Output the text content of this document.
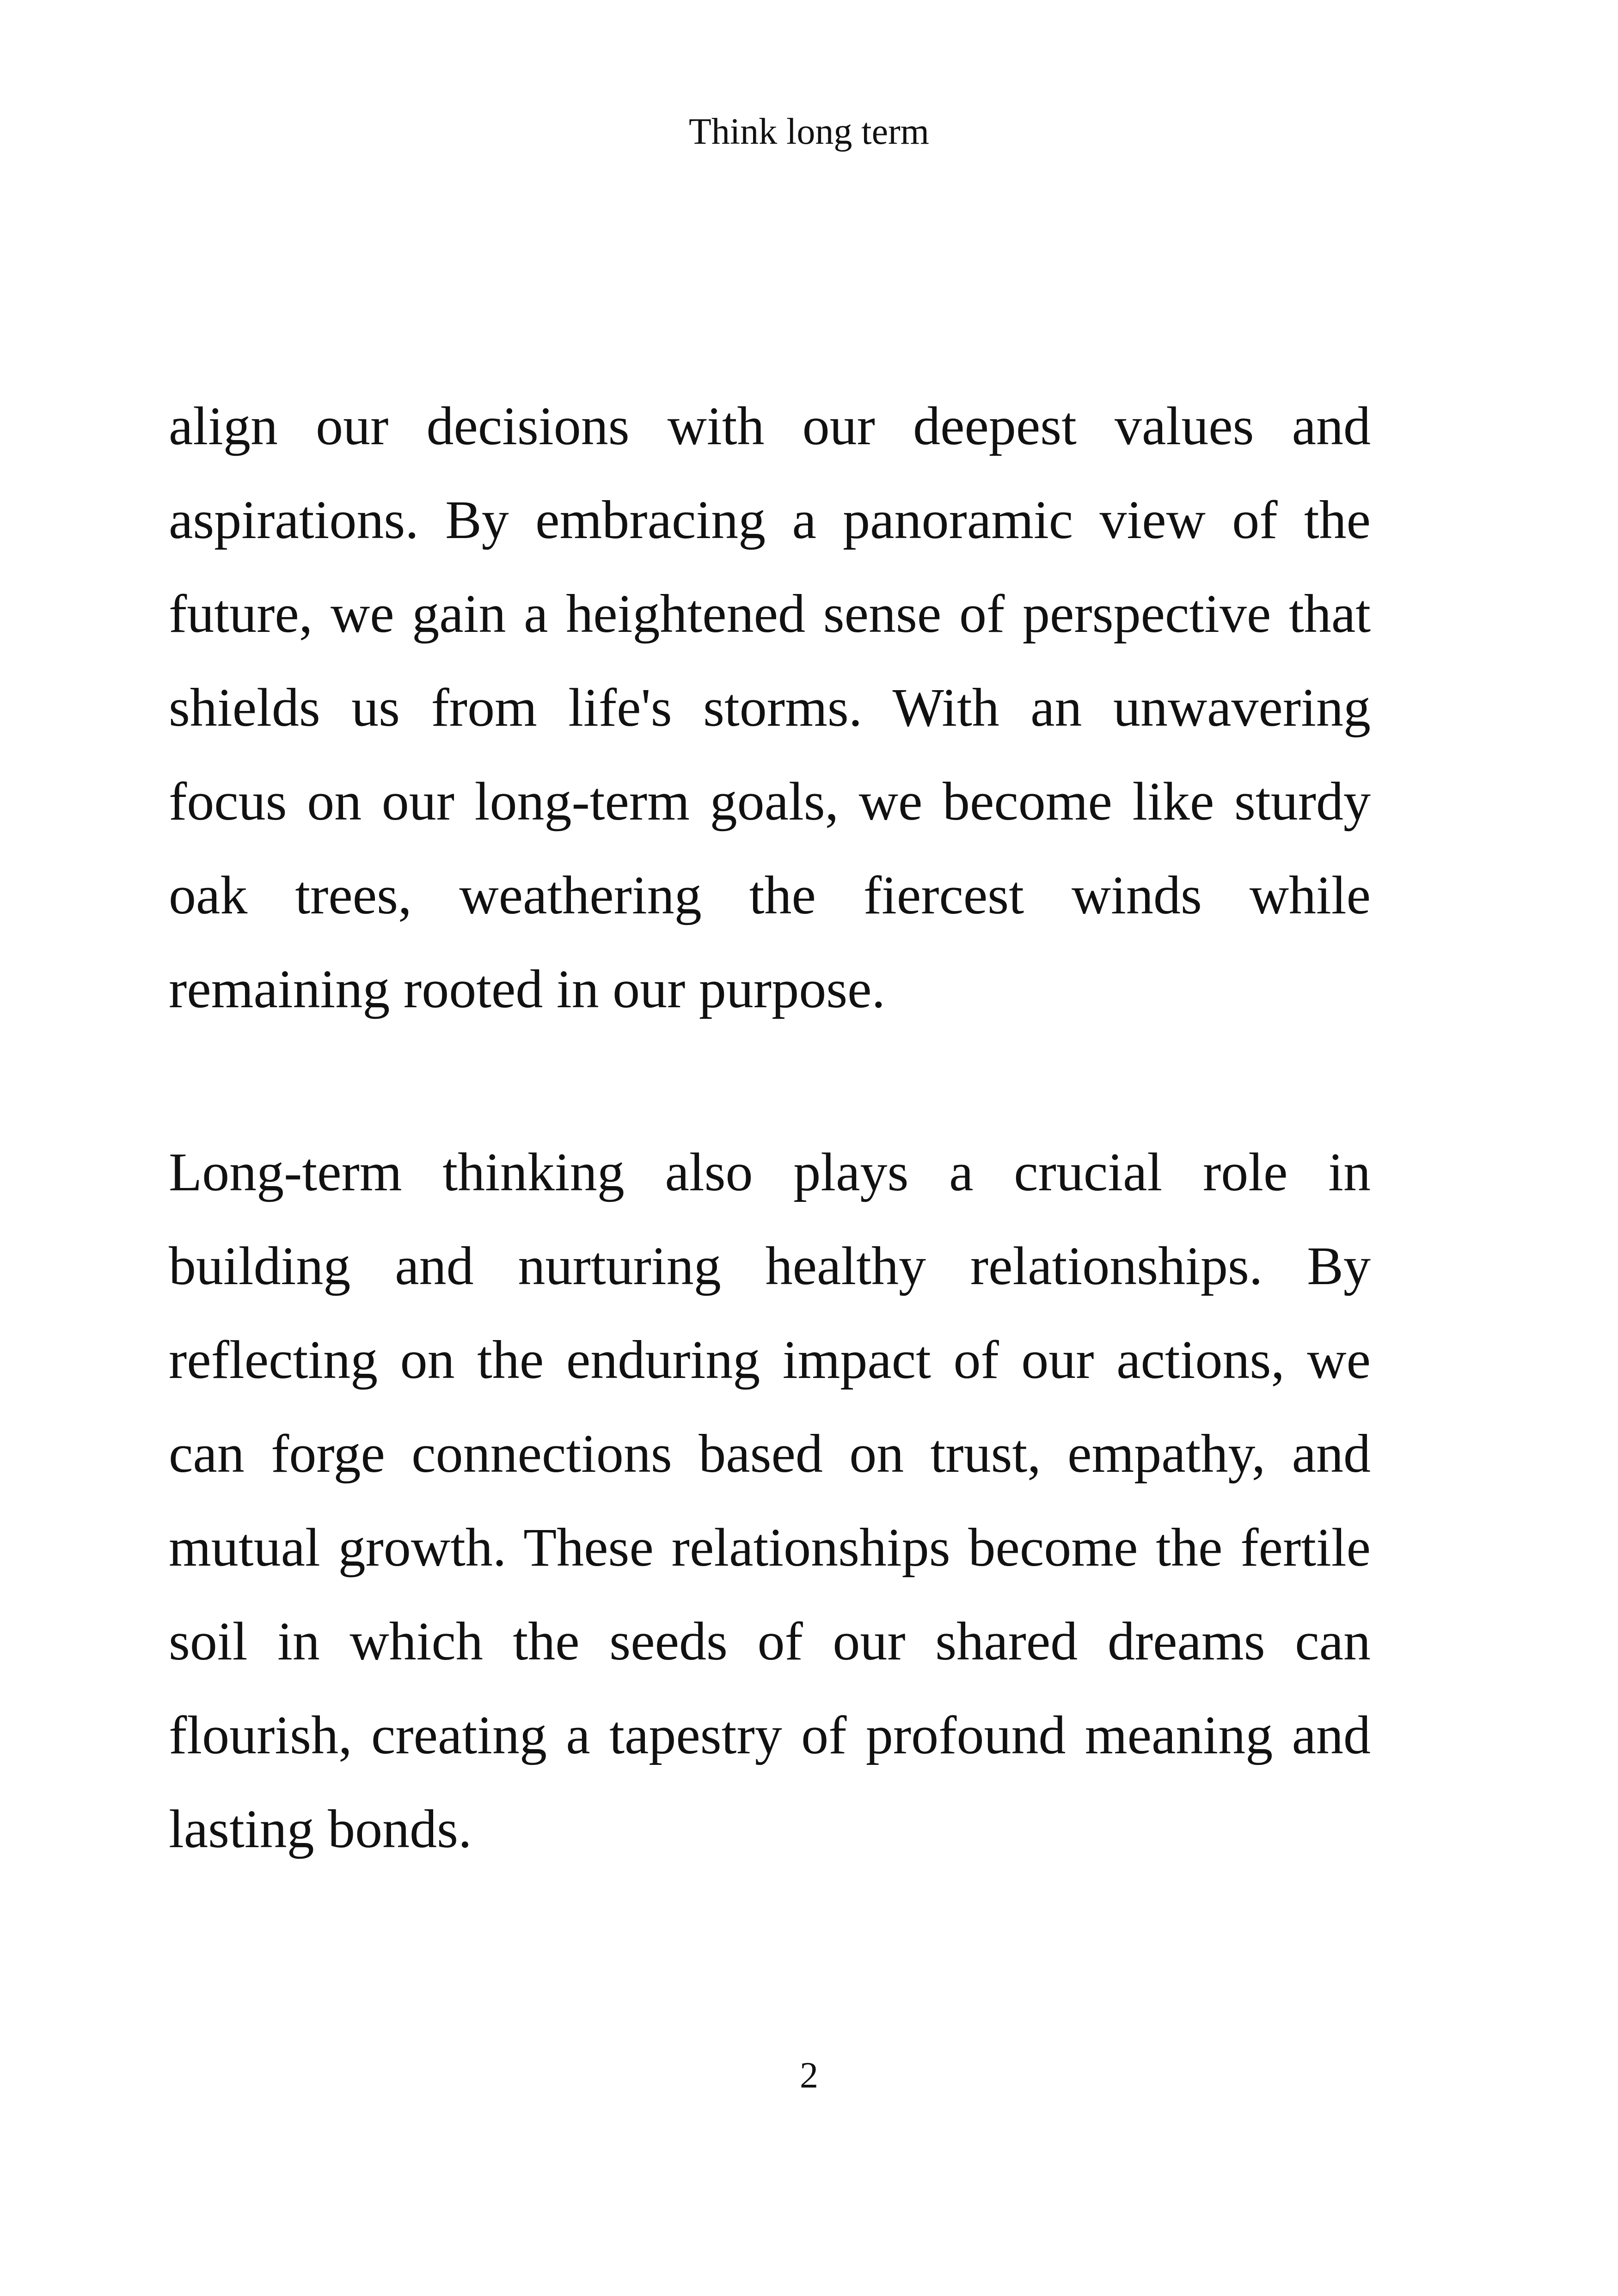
Think long term

align our decisions with our deepest values and aspirations. By embracing a panoramic view of the future, we gain a heightened sense of perspective that shields us from life's storms. With an unwavering focus on our long-term goals, we become like sturdy oak trees, weathering the fiercest winds while remaining rooted in our purpose.

Long-term thinking also plays a crucial role in building and nurturing healthy relationships. By reflecting on the enduring impact of our actions, we can forge connections based on trust, empathy, and mutual growth. These relationships become the fertile soil in which the seeds of our shared dreams can flourish, creating a tapestry of profound meaning and lasting bonds.

2
